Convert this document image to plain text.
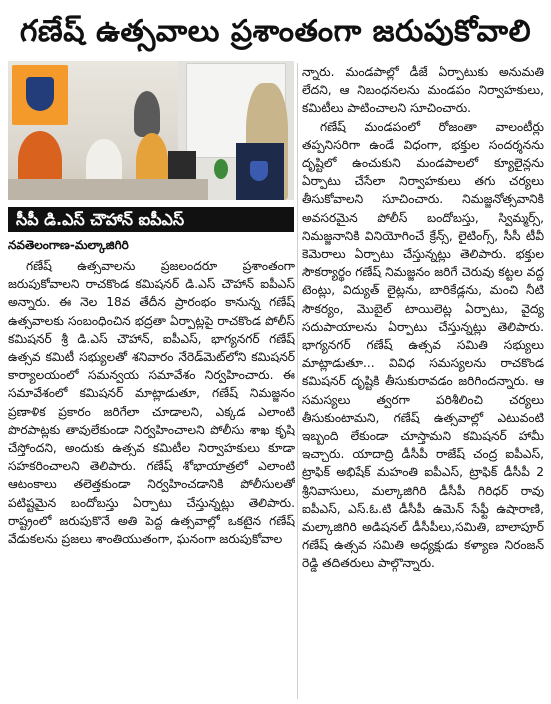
గణేష్ ఉత్సవాలు ప్రశాంతంగా జరుపుకోవాలి
సీపీ డి.ఎస్ చౌహాన్ ఐపీఎస్
నవతెలంగాణ-మల్కాజిగిరి

గణేష్ ఉత్సవాలను ప్రజలందరూ ప్రశాంతంగా జరుపుకోవాలని రాచకొండ కమిషనర్ డి.ఎస్ చౌహాన్ ఐపీఎస్ అన్నారు. ఈ నెల 18వ తేదీన ప్రారంభం కానున్న గణేష్ ఉత్సవాలకు సంబంధించిన భద్రతా ఏర్పాట్లపై రాచకొండ పోలీస్ కమిషనర్ శ్రీ డి.ఎస్ చౌహాన్, ఐపీఎస్, భాగ్యనగర్ గణేష్ ఉత్సవ కమిటీ సభ్యులతో శనివారం నేరెడ్‌మెట్‌లోని కమిషనర్ కార్యాలయంలో సమన్వయ సమావేశం నిర్వహించారు. ఈ సమావేశంలో కమిషనర్ మాట్లాడుతూ, గణేష్ నిమజ్జనం ప్రణాళిక ప్రకారం జరిగేలా చూడాలని, ఎక్కడ ఎలాంటి పొరపాట్లకు తావులేకుండా నిర్వహించాలని పోలీసు శాఖ కృషి చేస్తోందని, అందుకు ఉత్సవ కమిటీల నిర్వాహకులు కూడా సహకరించాలని తెలిపారు. గణేష్ శోభాయాత్రలో ఎలాంటి ఆటంకాలు తలెత్తకుండా నిర్వహించడానికి పోలీసులతో పటిష్టమైన బందోబస్తు ఏర్పాటు చేస్తున్నట్లు తెలిపారు. రాష్ట్రంలో జరుపుకొనే అతి పెద్ద ఉత్సవాల్లో ఒకటైన గణేష్ వేడుకలను ప్రజలు శాంతియుతంగా, ఘనంగా జరుపుకోవాల

న్నారు. మండపాల్లో డీజే ఏర్పాటుకు అనుమతి లేదని, ఆ నిబంధనలను మండపం నిర్వాహకులు, కమిటీలు పాటించాలని సూచించారు.

గణేష్ మండపంలో రోజంతా వాలంటీర్లు తప్పనిసరిగా ఉండే విధంగా, భక్తుల సందర్శనను దృష్టిలో ఉంచుకుని మండపాలలో క్యూలైన్లను ఏర్పాటు చేసేలా నిర్వాహకులు తగు చర్యలు తీసుకోవాలని సూచించారు. నిమజ్జనోత్సవానికి అవసరమైన పోలీస్ బందోబస్తు, స్విమ్మర్స్, నిమజ్జనానికి వినియోగించే క్రేన్స్, లైటింగ్స్, సీసీ టీవీ కెమెరాలు ఏర్పాటు చేస్తున్నట్లు తెలిపారు. భక్తుల సౌకర్యార్థం గణేష్ నిమజ్జనం జరిగే చెరువు కట్టల వద్ద టెంట్లు, విద్యుత్ లైట్లను, బారికేడ్లను, మంచి నీటి సౌకర్యం, మొబైల్ టాయిలెట్ల ఏర్పాటు, వైద్య సదుపాయాలను ఏర్పాటు చేస్తున్నట్లు తెలిపారు. భాగ్యనగర్ గణేష్ ఉత్సవ సమితి సభ్యులు మాట్లాడుతూ... వివిధ సమస్యలను రాచకొండ కమిషనర్ దృష్టికి తీసుకురావడం జరిగిందన్నారు. ఆ సమస్యలు త్వరగా పరిశీలించి చర్యలు తీసుకుంటామని, గణేష్ ఉత్సవాల్లో ఎటువంటి ఇబ్బంది లేకుండా చూస్తామని కమిషనర్ హామీ ఇచ్చారు. యాదాద్రి డీసీపీ రాజేష్ చంద్ర ఐపీఎస్, ట్రాఫిక్ అభిషేక్ మహంతి ఐపీఎస్, ట్రాఫిక్ డీసీపీ 2 శ్రీనివాసులు, మల్కాజిగిరి డీసీపీ గిరిధర్ రావు ఐపీఎస్, ఎస్.ఓ.టి డీసీపీ ఉమెన్ సేఫ్టీ ఉషారాణి, మల్కాజిగిరి అడిషనల్ డీసీపీలు,సమితి, బాలాపూర్ గణేష్ ఉత్సవ సమితి అధ్యక్షుడు కళ్యాణ నిరంజన్ రెడ్డి తదితరులు పాల్గొన్నారు.
